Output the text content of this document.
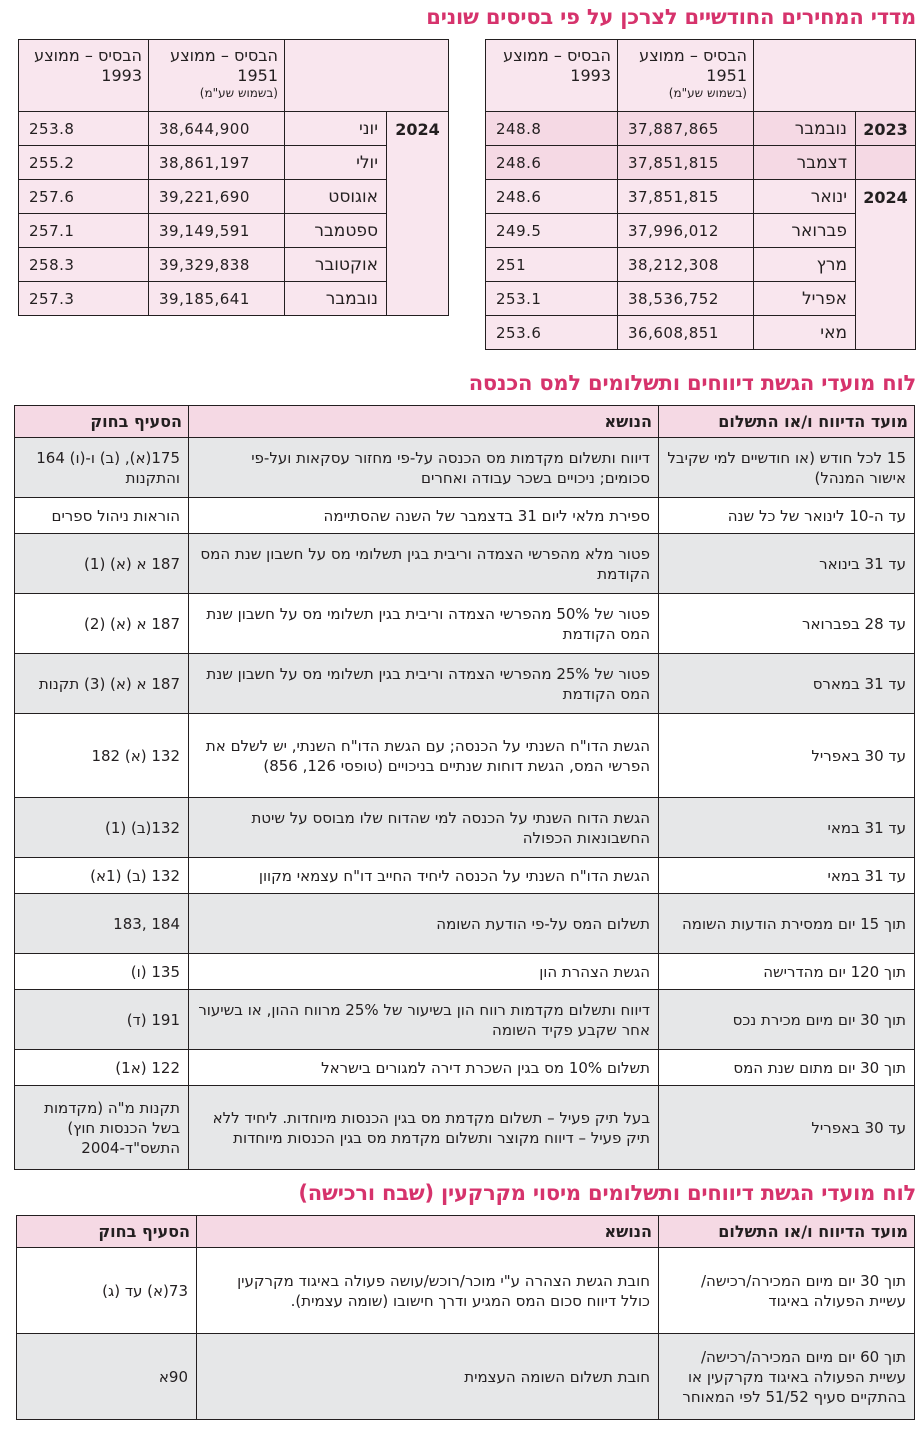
מדדי המחירים החודשיים לצרכן על פי בסיסים שונים
		הבסיס – ממוצע 1951
(בשמוש שע"מ)	הבסיס – ממוצע 1993
2023	נובמבר	37,887,865	248.8
	דצמבר	37,851,815	248.6
2024	ינואר	37,851,815	248.6
	פברואר	37,996,012	249.5
	מרץ	38,212,308	251
	אפריל	38,536,752	253.1
	מאי	36,608,851	253.6
		הבסיס – ממוצע 1951
(בשמוש שע"מ)	הבסיס – ממוצע 1993
2024	יוני	38,644,900	253.8
	יולי	38,861,197	255.2
	אוגוסט	39,221,690	257.6
	ספטמבר	39,149,591	257.1
	אוקטובר	39,329,838	258.3
	נובמבר	39,185,641	257.3
לוח מועדי הגשת דיווחים ותשלומים למס הכנסה
מועד הדיווח ו/או התשלום	הנושא	הסעיף בחוק
15 לכל חודש (או חודשיים למי שקיבל אישור המנהל)	דיווח ותשלום מקדמות מס הכנסה על-פי מחזור עסקאות ועל-פי סכומים; ניכויים בשכר עבודה ואחרים	175(א), (ב) ו-(ו) 164 והתקנות
עד ה-10 לינואר של כל שנה	ספירת מלאי ליום 31 בדצמבר של השנה שהסתיימה	הוראות ניהול ספרים
עד 31 בינואר	פטור מלא מהפרשי הצמדה וריבית בגין תשלומי מס על חשבון שנת המס הקודמת	187 א (א) (1)
עד 28 בפברואר	פטור של 50% מהפרשי הצמדה וריבית בגין תשלומי מס על חשבון שנת המס הקודמת	187 א (א) (2)
עד 31 במארס	פטור של 25% מהפרשי הצמדה וריבית בגין תשלומי מס על חשבון שנת המס הקודמת	187 א (א) (3) תקנות
עד 30 באפריל	הגשת הדו"ח השנתי על הכנסה; עם הגשת הדו"ח השנתי, יש לשלם את הפרשי המס, הגשת דוחות שנתיים בניכויים (טופסי 126, 856)	132 (א) 182
עד 31 במאי	הגשת הדוח השנתי על הכנסה למי שהדוח שלו מבוסס על שיטת החשבונאות הכפולה	132(ב) (1)
עד 31 במאי	הגשת הדו"ח השנתי על הכנסה ליחיד החייב דו"ח עצמאי מקוון	132 (ב) (1א)
תוך 15 יום ממסירת הודעות השומה	תשלום המס על-פי הודעת השומה	184 ,183
תוך 120 יום מהדרישה	הגשת הצהרת הון	135 (ו)
תוך 30 יום מיום מכירת נכס	דיווח ותשלום מקדמות רווח הון בשיעור של 25% מרווח ההון, או בשיעור אחר שקבע פקיד השומה	191 (ד)
תוך 30 יום מתום שנת המס	תשלום 10% מס בגין השכרת דירה למגורים בישראל	122 (א1)
עד 30 באפריל	בעל תיק פעיל – תשלום מקדמת מס בגין הכנסות מיוחדות. ליחיד ללא תיק פעיל – דיווח מקוצר ותשלום מקדמת מס בגין הכנסות מיוחדות	תקנות מ"ה (מקדמות בשל הכנסות חוץ) התשס"ד-2004
לוח מועדי הגשת דיווחים ותשלומים מיסוי מקרקעין (שבח ורכישה)
מועד הדיווח ו/או התשלום	הנושא	הסעיף בחוק
תוך 30 יום מיום המכירה/רכישה/ עשיית הפעולה באיגוד	חובת הגשת הצהרה ע"י מוכר/רוכש/עושה פעולה באיגוד מקרקעין כולל דיווח סכום המס המגיע ודרך חישובו (שומה עצמית).	73(א) עד (ג)
תוך 60 יום מיום המכירה/רכישה/ עשיית הפעולה באיגוד מקרקעין או בהתקיים סעיף 51/52 לפי המאוחר	חובת תשלום השומה העצמית	90א
